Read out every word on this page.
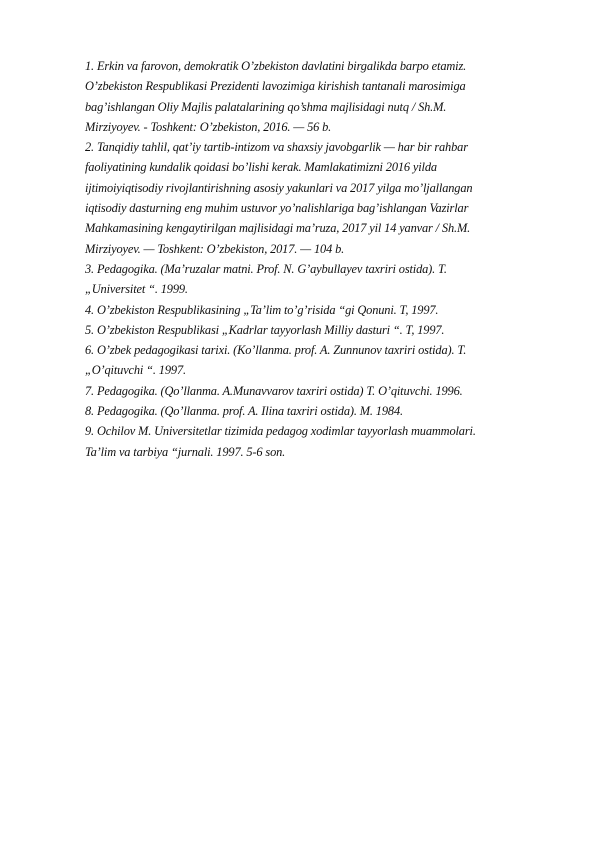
1. Erkin va farovon, demokratik O’zbekiston davlatini birgalikda barpo etamiz.
O’zbekiston Respublikasi Prezidenti lavozimiga kirishish tantanali marosimiga
bag’ishlangan Oliy Majlis palatalarining qo’shma majlisidagi nutq / Sh.M.
Mirziyoyev. - Toshkent: O’zbekiston, 2016. — 56 b.
2. Tanqidiy tahlil, qat’iy tartib-intizom va shaxsiy javobgarlik — har bir rahbar
faoliyatining kundalik qoidasi bo’lishi kerak. Mamlakatimizni 2016 yilda
ijtimoiyiqtisodiy rivojlantirishning asosiy yakunlari va 2017 yilga mo’ljallangan
iqtisodiy dasturning eng muhim ustuvor yo’nalishlariga bag’ishlangan Vazirlar
Mahkamasining kengaytirilgan majlisidagi ma’ruza, 2017 yil 14 yanvar / Sh.M.
Mirziyoyev. — Toshkent: O’zbekiston, 2017. — 104 b.
3. Pedagogika. (Ma’ruzalar matni. Prof. N. G’aybullayev taxriri ostida). T.
„Universitet “. 1999.
4. O’zbekiston Respublikasining „Ta’lim to’g’risida “gi Qonuni. T, 1997.
5. O’zbekiston Respublikasi „Kadrlar tayyorlash Milliy dasturi “. T, 1997.
6. O’zbek pedagogikasi tarixi. (Ko’llanma. prof. A. Zunnunov taxriri ostida). T.
„O’qituvchi “. 1997.
7. Pedagogika. (Qo’llanma. A.Munavvarov taxriri ostida) T. O’qituvchi. 1996.
8. Pedagogika. (Qo’llanma. prof. A. Ilina taxriri ostida). M. 1984.
9. Ochilov M. Universitetlar tizimida pedagog xodimlar tayyorlash muammolari.
Ta’lim va tarbiya “jurnali. 1997. 5-6 son.
